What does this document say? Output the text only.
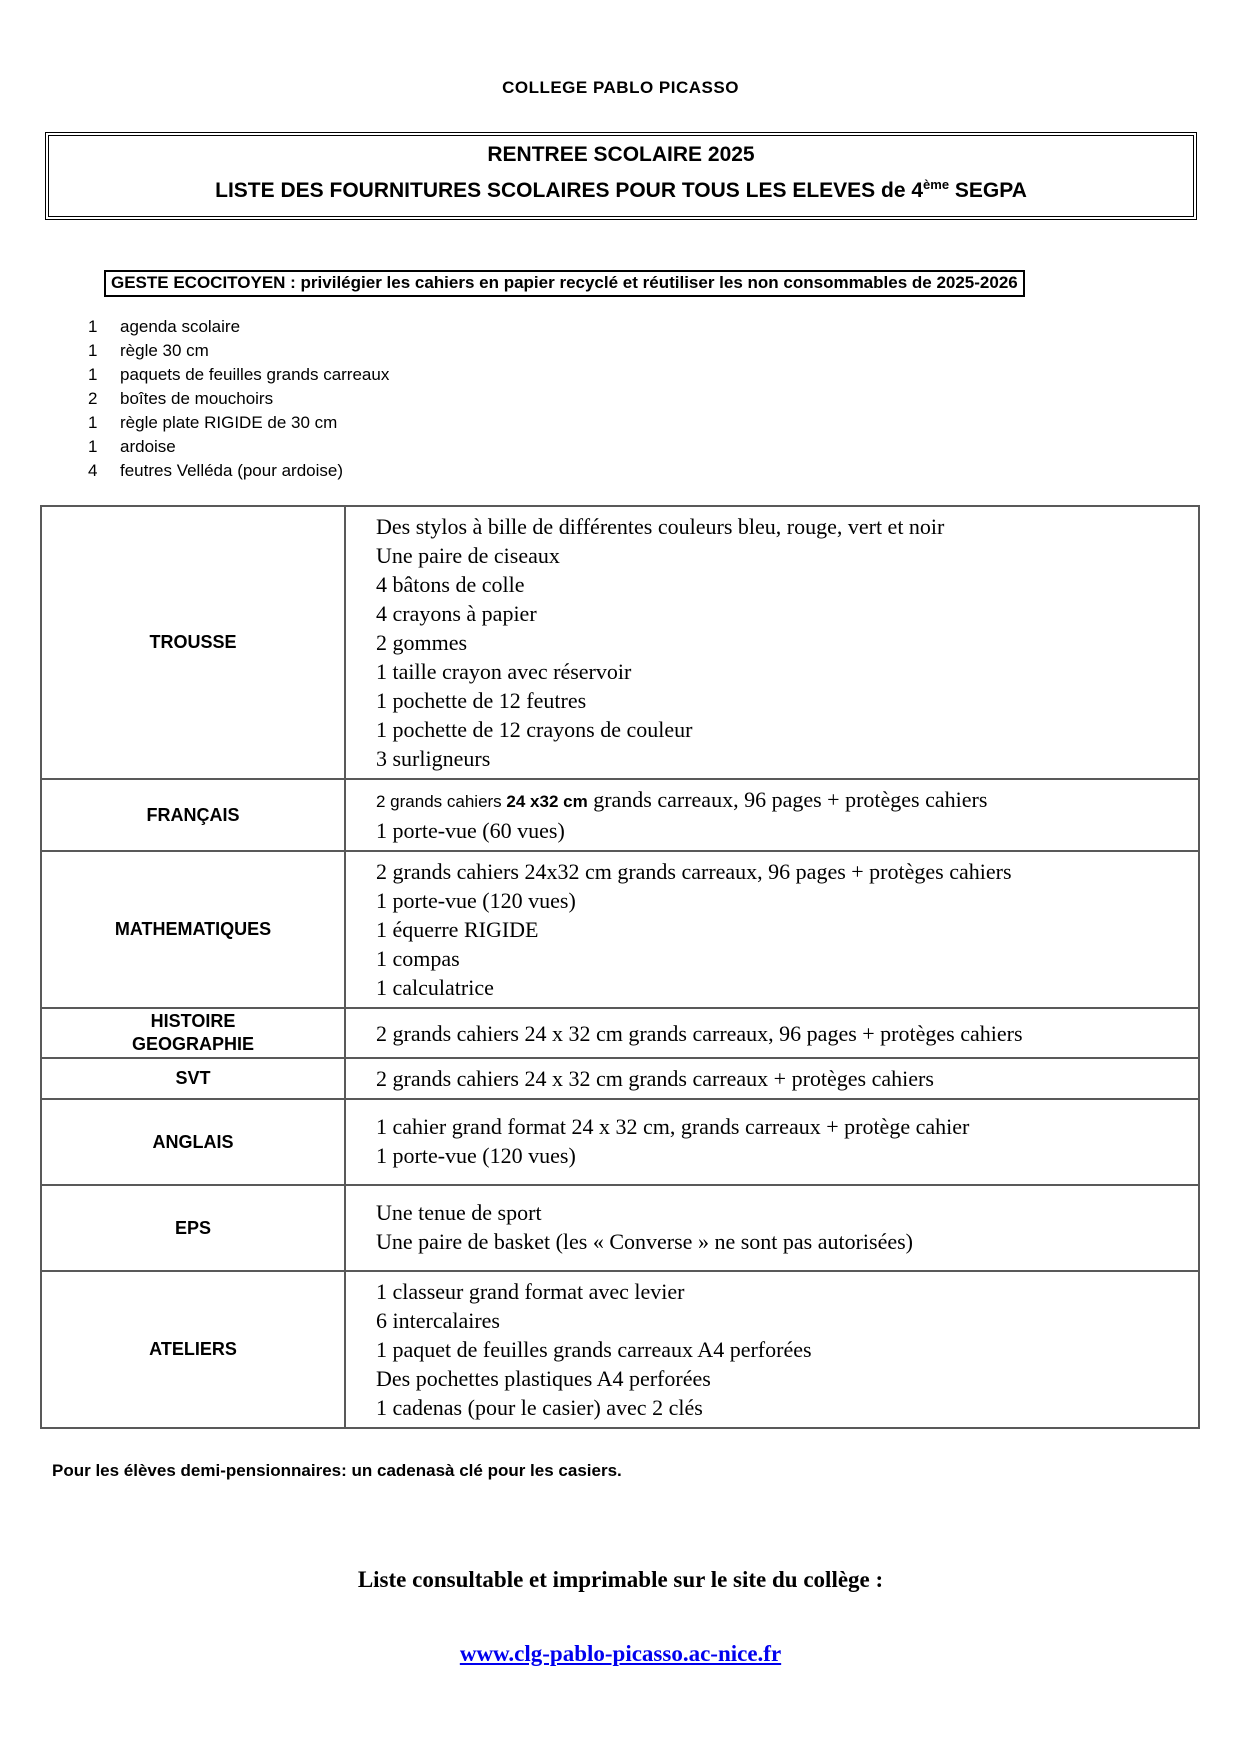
COLLEGE PABLO PICASSO
RENTREE SCOLAIRE 2025
LISTE DES FOURNITURES SCOLAIRES POUR TOUS LES ELEVES de 4ème SEGPA
GESTE ECOCITOYEN : privilégier les cahiers en papier recyclé et réutiliser les non consommables de 2025-2026
1	agenda scolaire
1	règle 30 cm
1	paquets de feuilles grands carreaux
2	boîtes de mouchoirs
1	règle plate RIGIDE de 30 cm
1	ardoise
4	feutres Velléda (pour ardoise)
TROUSSE	
Des stylos à bille de différentes couleurs bleu, rouge, vert et noir
Une paire de ciseaux
4 bâtons de colle
4 crayons à papier
2 gommes
1 taille crayon avec réservoir
1 pochette de 12 feutres
1 pochette de 12 crayons de couleur
3 surligneurs

FRANÇAIS	2 grands cahiers 24 x32 cm grands carreaux, 96 pages + protèges cahiers
1 porte-vue (60 vues)

MATHEMATIQUES	2 grands cahiers 24x32 cm grands carreaux, 96 pages + protèges cahiers
1 porte-vue (120 vues)
1 équerre RIGIDE
1 compas
1 calculatrice

HISTOIRE
GEOGRAPHIE	2 grands cahiers 24 x 32 cm grands carreaux, 96 pages + protèges cahiers

SVT	2 grands cahiers 24 x 32 cm grands carreaux + protèges cahiers

ANGLAIS	1 cahier grand format 24 x 32 cm, grands carreaux + protège cahier
1 porte-vue (120 vues)

EPS	Une tenue de sport
Une paire de basket (les « Converse » ne sont pas autorisées)

ATELIERS	1 classeur grand format avec levier
6 intercalaires
1 paquet de feuilles grands carreaux A4 perforées
Des pochettes plastiques A4 perforées
1 cadenas (pour le casier) avec 2 clés
Pour les élèves demi-pensionnaires: un cadenasà clé pour les casiers.
Liste consultable et imprimable sur le site du collège :
www.clg-pablo-picasso.ac-nice.fr
